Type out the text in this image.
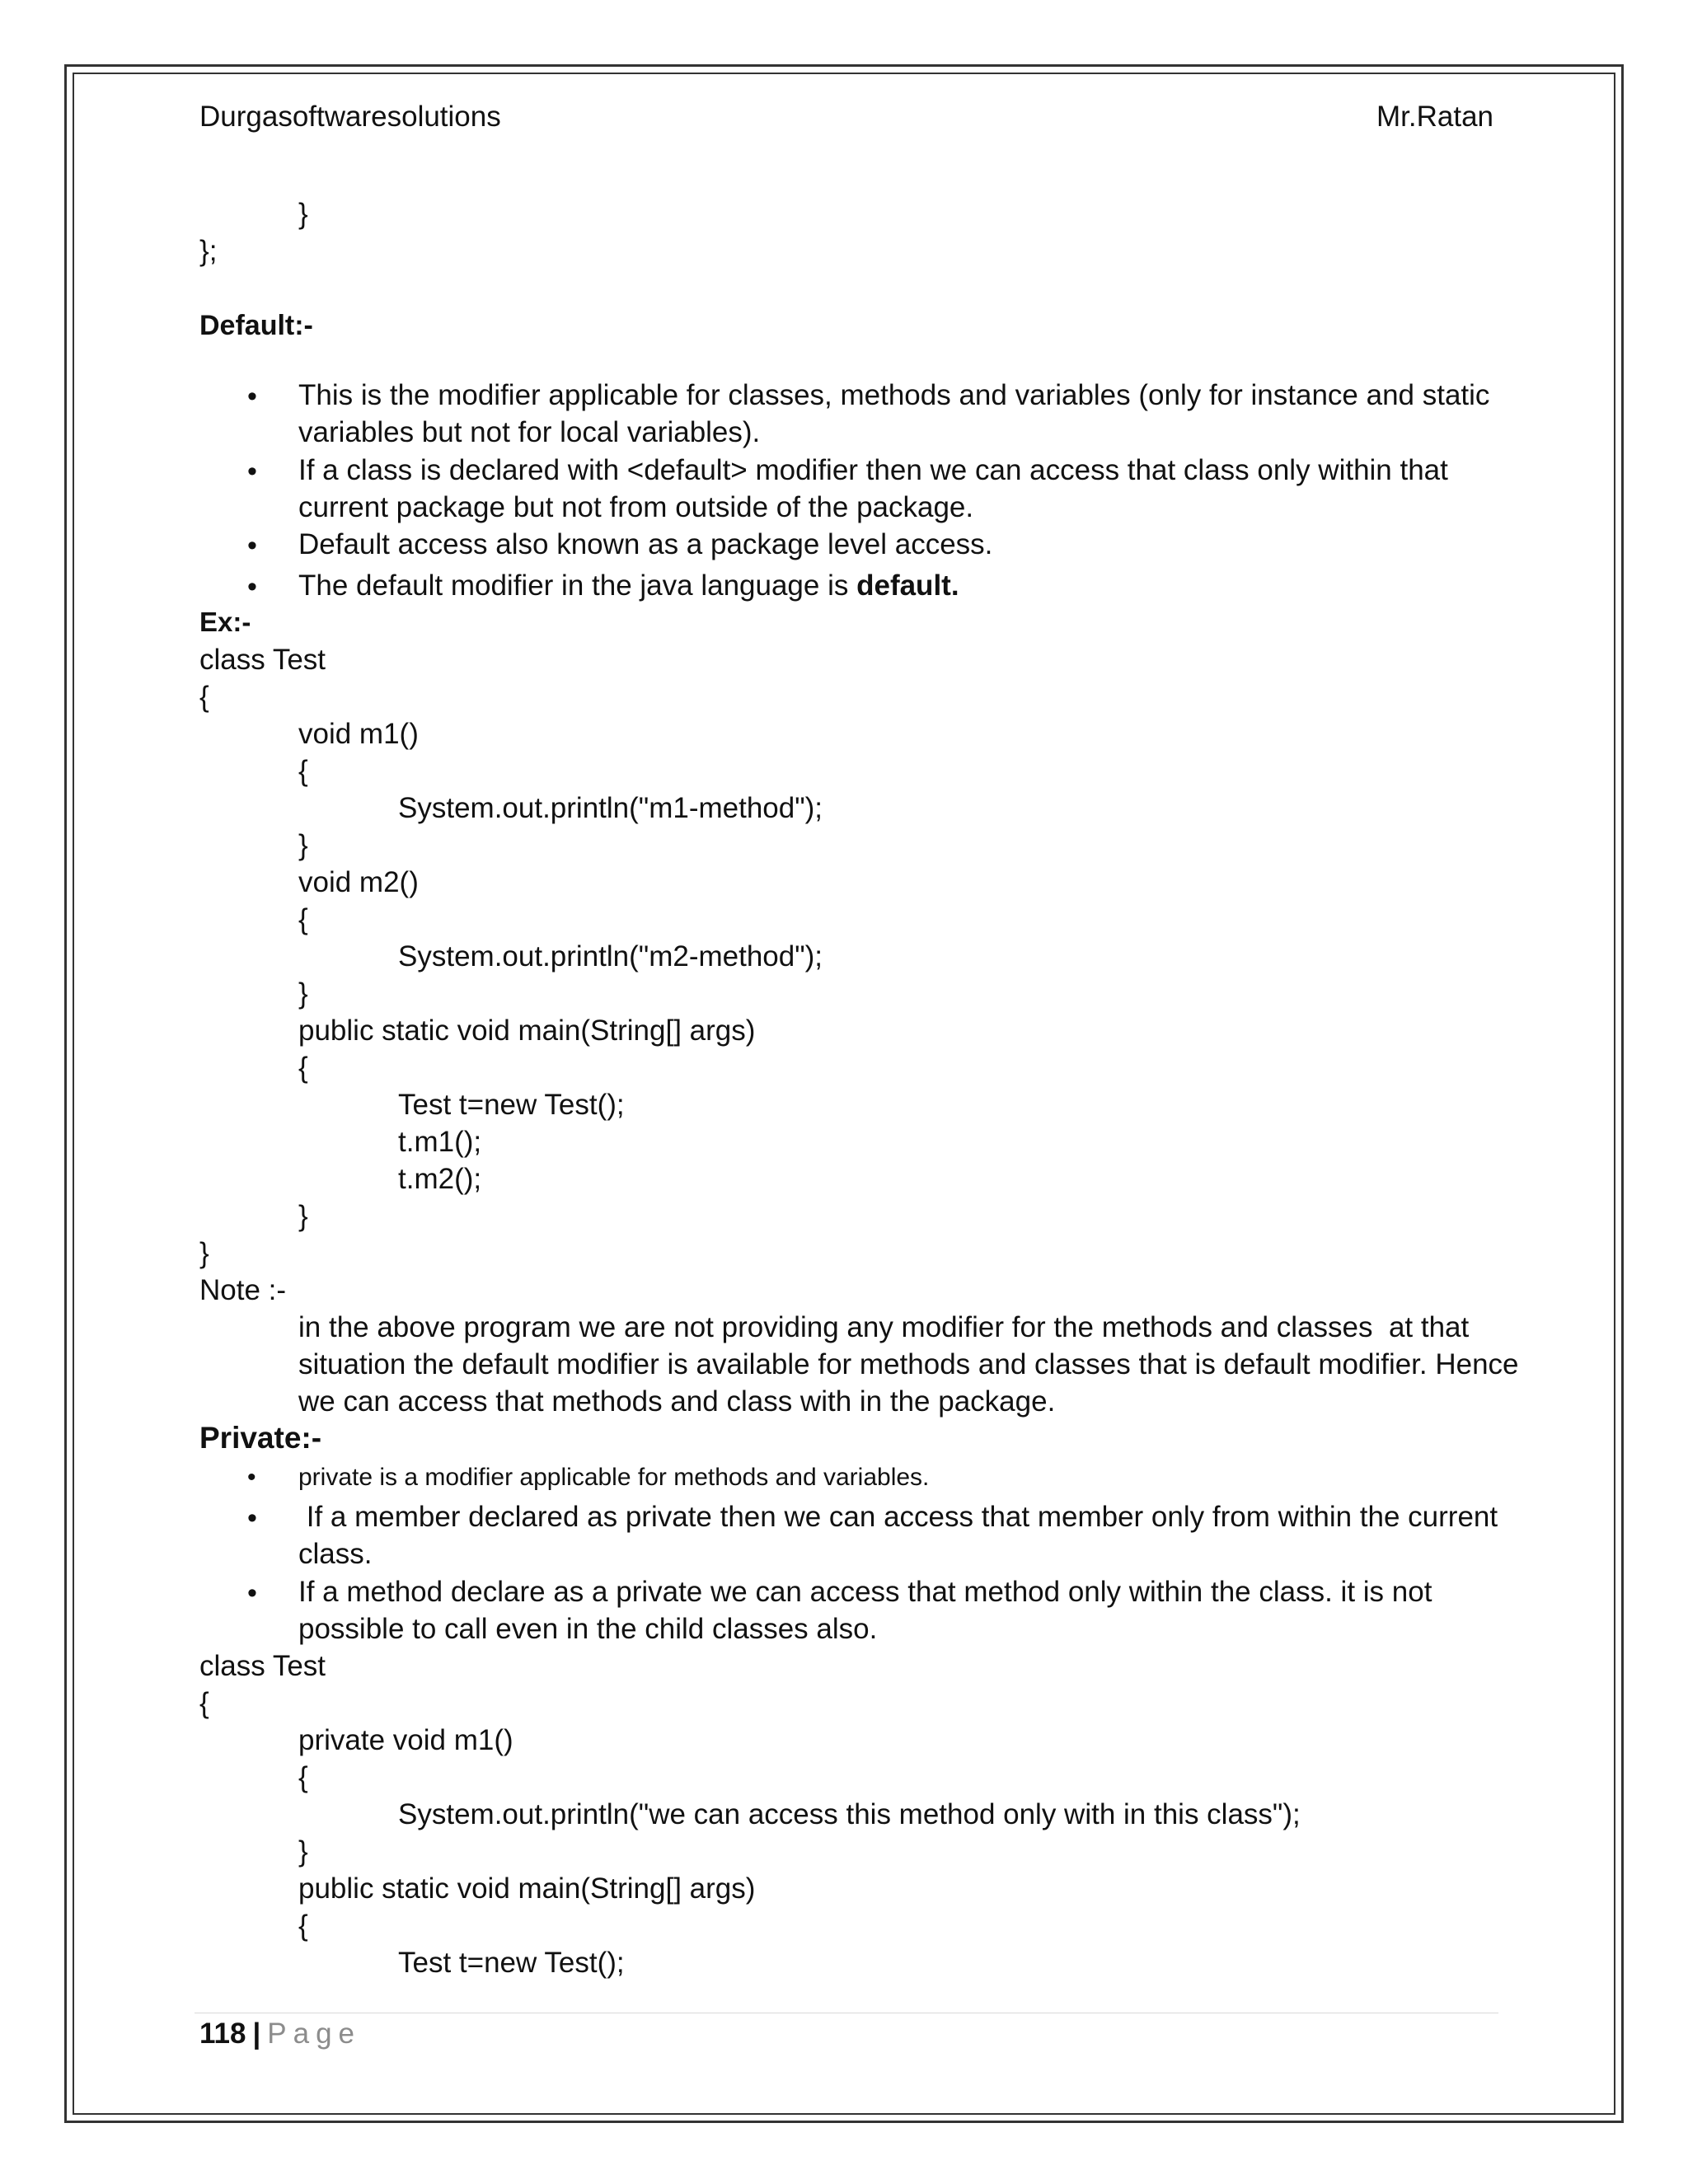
Durgasoftwaresolutions	Mr.Ratan
}
};
Default:-
•
This is the modifier applicable for classes, methods and variables (only for instance and static
variables but not for local variables).
•
If a class is declared with <default> modifier then we can access that class only within that
current package but not from outside of the package.
•
Default access also known as a package level access.
•
The default modifier in the java language is default.
Ex:-
class Test
{
void m1()
{
System.out.println("m1-method");
}
void m2()
{
System.out.println("m2-method");
}
public static void main(String[] args)
{
Test t=new Test();
t.m1();
t.m2();
}
}
Note :-
in the above program we are not providing any modifier for the methods and classes  at that
situation the default modifier is available for methods and classes that is default modifier. Hence
we can access that methods and class with in the package.
Private:-
•
private is a modifier applicable for methods and variables.
•
If a member declared as private then we can access that member only from within the current
class.
•
If a method declare as a private we can access that method only within the class. it is not
possible to call even in the child classes also.
class Test
{
private void m1()
{
System.out.println("we can access this method only with in this class");
}
public static void main(String[] args)
{
Test t=new Test();
118 | Page
